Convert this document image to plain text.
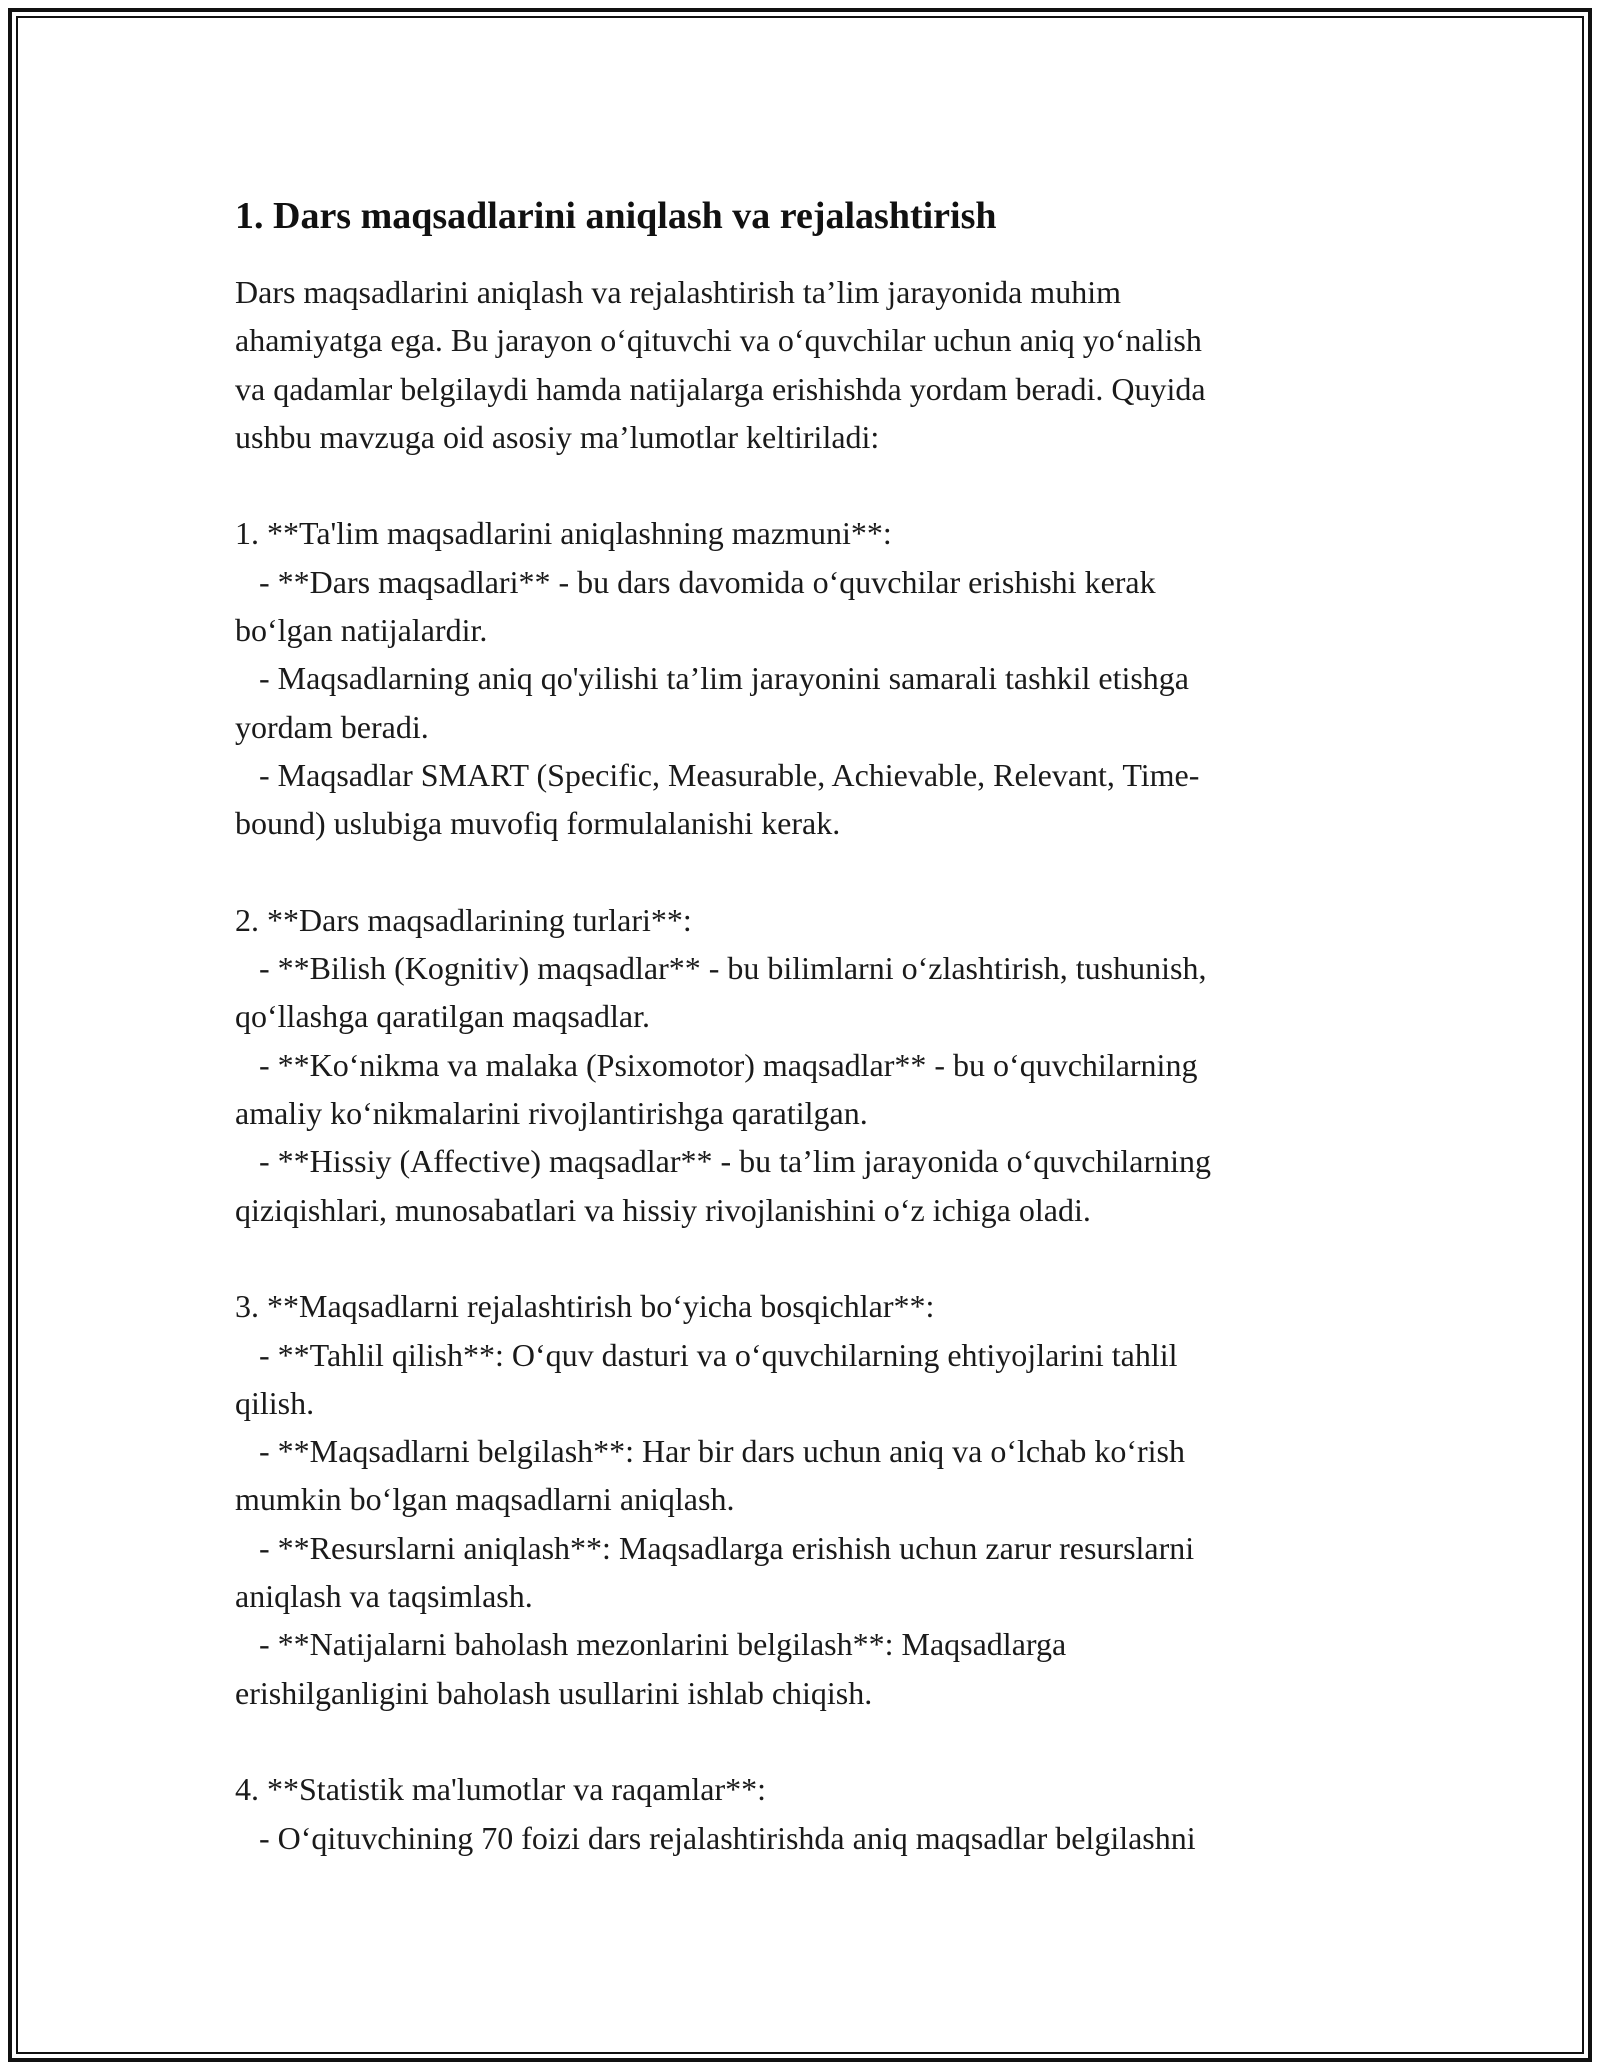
1. Dars maqsadlarini aniqlash va rejalashtirish
Dars maqsadlarini aniqlash va rejalashtirish ta’lim jarayonida muhim
ahamiyatga ega. Bu jarayon o‘qituvchi va o‘quvchilar uchun aniq yo‘nalish
va qadamlar belgilaydi hamda natijalarga erishishda yordam beradi. Quyida
ushbu mavzuga oid asosiy ma’lumotlar keltiriladi:

1. **Ta'lim maqsadlarini aniqlashning mazmuni**:
- **Dars maqsadlari** - bu dars davomida o‘quvchilar erishishi kerak
bo‘lgan natijalardir.
- Maqsadlarning aniq qo'yilishi ta’lim jarayonini samarali tashkil etishga
yordam beradi.
- Maqsadlar SMART (Specific, Measurable, Achievable, Relevant, Time-
bound) uslubiga muvofiq formulalanishi kerak.

2. **Dars maqsadlarining turlari**:
- **Bilish (Kognitiv) maqsadlar** - bu bilimlarni o‘zlashtirish, tushunish,
qo‘llashga qaratilgan maqsadlar.
- **Ko‘nikma va malaka (Psixomotor) maqsadlar** - bu o‘quvchilarning
amaliy ko‘nikmalarini rivojlantirishga qaratilgan.
- **Hissiy (Affective) maqsadlar** - bu ta’lim jarayonida o‘quvchilarning
qiziqishlari, munosabatlari va hissiy rivojlanishini o‘z ichiga oladi.

3. **Maqsadlarni rejalashtirish bo‘yicha bosqichlar**:
- **Tahlil qilish**: O‘quv dasturi va o‘quvchilarning ehtiyojlarini tahlil
qilish.
- **Maqsadlarni belgilash**: Har bir dars uchun aniq va o‘lchab ko‘rish
mumkin bo‘lgan maqsadlarni aniqlash.
- **Resurslarni aniqlash**: Maqsadlarga erishish uchun zarur resurslarni
aniqlash va taqsimlash.
- **Natijalarni baholash mezonlarini belgilash**: Maqsadlarga
erishilganligini baholash usullarini ishlab chiqish.

4. **Statistik ma'lumotlar va raqamlar**:
- O‘qituvchining 70 foizi dars rejalashtirishda aniq maqsadlar belgilashni
